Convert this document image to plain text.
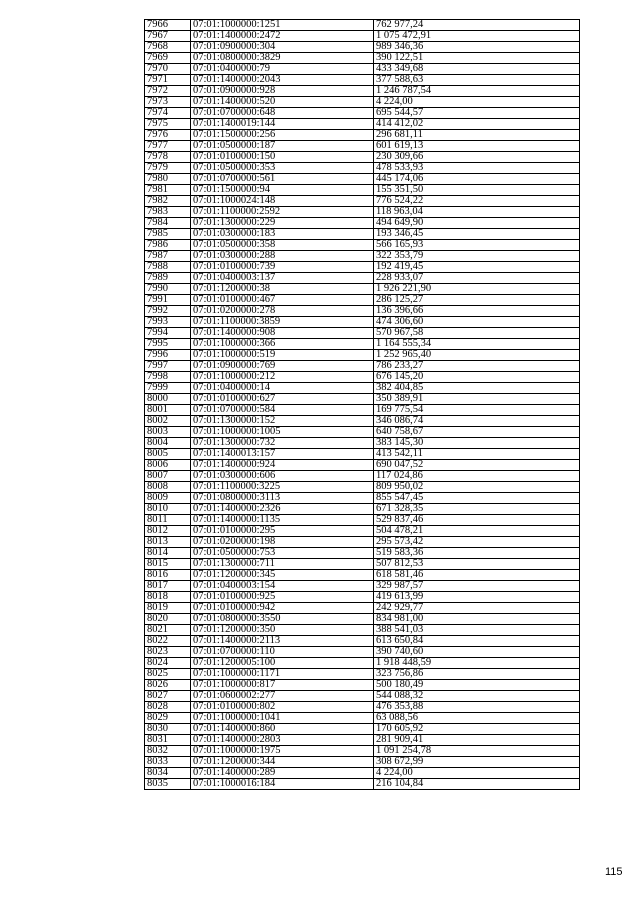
7966	07:01:1000000:1251	762 977,24
7967	07:01:1400000:2472	1 075 472,91
7968	07:01:0900000:304	989 346,36
7969	07:01:0800000:3829	390 122,51
7970	07:01:0400000:79	433 349,68
7971	07:01:1400000:2043	377 588,63
7972	07:01:0900000:928	1 246 787,54
7973	07:01:1400000:520	4 224,00
7974	07:01:0700000:648	695 544,57
7975	07:01:1400019:144	414 412,02
7976	07:01:1500000:256	296 681,11
7977	07:01:0500000:187	601 619,13
7978	07:01:0100000:150	230 309,66
7979	07:01:0500000:353	478 533,93
7980	07:01:0700000:561	445 174,06
7981	07:01:1500000:94	155 351,50
7982	07:01:1000024:148	776 524,22
7983	07:01:1100000:2592	118 963,04
7984	07:01:1300000:229	494 649,90
7985	07:01:0300000:183	193 346,45
7986	07:01:0500000:358	566 165,93
7987	07:01:0300000:288	322 353,79
7988	07:01:0100000:739	192 419,45
7989	07:01:0400003:137	228 933,07
7990	07:01:1200000:38	1 926 221,90
7991	07:01:0100000:467	286 125,27
7992	07:01:0200000:278	136 396,66
7993	07:01:1100000:3859	474 306,60
7994	07:01:1400000:908	570 967,58
7995	07:01:1000000:366	1 164 555,34
7996	07:01:1000000:519	1 252 965,40
7997	07:01:0900000:769	786 233,27
7998	07:01:1000000:212	676 145,20
7999	07:01:0400000:14	382 404,85
8000	07:01:0100000:627	350 389,91
8001	07:01:0700000:584	169 775,54
8002	07:01:1300000:152	346 086,74
8003	07:01:1000000:1005	640 758,67
8004	07:01:1300000:732	383 145,30
8005	07:01:1400013:157	413 542,11
8006	07:01:1400000:924	690 047,52
8007	07:01:0300000:606	117 024,86
8008	07:01:1100000:3225	809 950,02
8009	07:01:0800000:3113	855 547,45
8010	07:01:1400000:2326	671 328,35
8011	07:01:1400000:1135	529 837,46
8012	07:01:0100000:295	504 478,21
8013	07:01:0200000:198	295 573,42
8014	07:01:0500000:753	519 583,36
8015	07:01:1300000:711	507 812,53
8016	07:01:1200000:345	618 581,46
8017	07:01:0400003:154	329 987,57
8018	07:01:0100000:925	419 613,99
8019	07:01:0100000:942	242 929,77
8020	07:01:0800000:3550	834 981,00
8021	07:01:1200000:350	388 541,03
8022	07:01:1400000:2113	613 650,84
8023	07:01:0700000:110	390 740,60
8024	07:01:1200005:100	1 918 448,59
8025	07:01:1000000:1171	323 756,86
8026	07:01:1000000:817	500 180,49
8027	07:01:0600002:277	544 088,32
8028	07:01:0100000:802	476 353,88
8029	07:01:1000000:1041	63 088,56
8030	07:01:1400000:860	170 605,92
8031	07:01:1400000:2803	281 909,41
8032	07:01:1000000:1975	1 091 254,78
8033	07:01:1200000:344	308 672,99
8034	07:01:1400000:289	4 224,00
8035	07:01:1000016:184	216 104,84
115
